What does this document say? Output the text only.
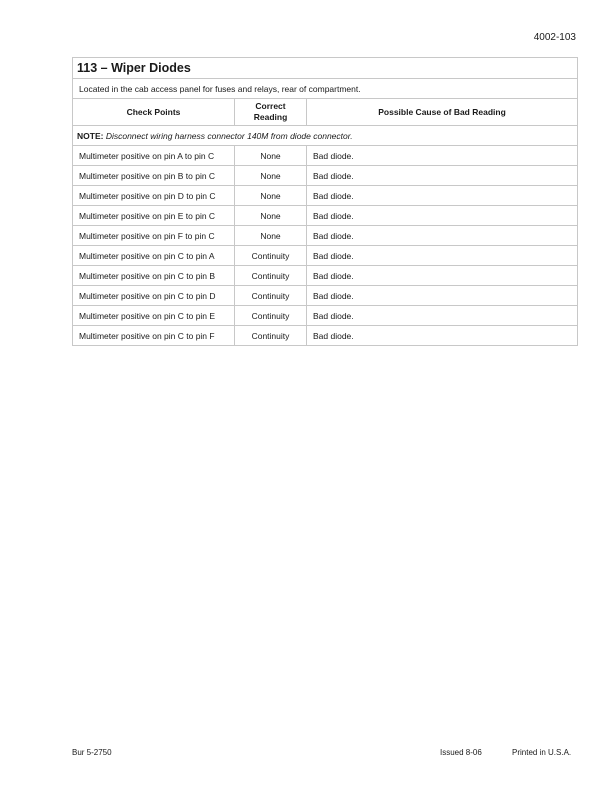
4002-103
113 – Wiper Diodes		
Located in the cab access panel for fuses and relays, rear of compartment.		
Check Points	Correct Reading	Possible Cause of Bad Reading
NOTE: Disconnect wiring harness connector 140M from diode connector.		
Multimeter positive on pin A to pin C	None	Bad diode.
Multimeter positive on pin B to pin C	None	Bad diode.
Multimeter positive on pin D to pin C	None	Bad diode.
Multimeter positive on pin E to pin C	None	Bad diode.
Multimeter positive on pin F to pin C	None	Bad diode.
Multimeter positive on pin C to pin A	Continuity	Bad diode.
Multimeter positive on pin C to pin B	Continuity	Bad diode.
Multimeter positive on pin C to pin D	Continuity	Bad diode.
Multimeter positive on pin C to pin E	Continuity	Bad diode.
Multimeter positive on pin C to pin F	Continuity	Bad diode.
Bur 5-2750	Issued 8-06	Printed in U.S.A.
